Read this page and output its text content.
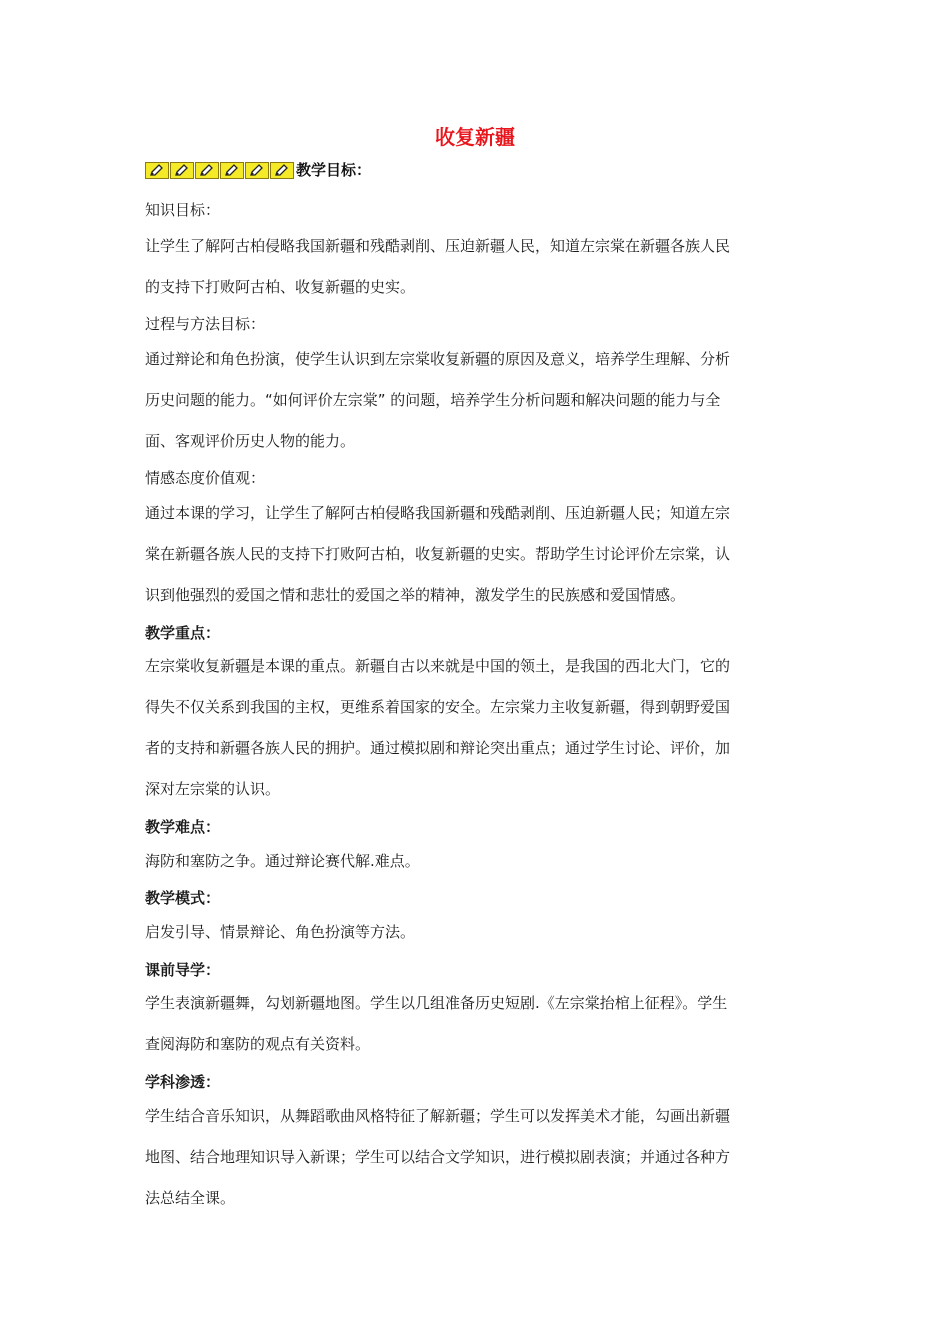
收复新疆
教学目标：
知识目标：
让学生了解阿古柏侵略我国新疆和残酷剥削、压迫新疆人民，知道左宗棠在新疆各族人民
的支持下打败阿古柏、收复新疆的史实。
过程与方法目标：
通过辩论和角色扮演，使学生认识到左宗棠收复新疆的原因及意义，培养学生理解、分析
历史问题的能力。“如何评价左宗棠” 的问题，培养学生分析问题和解决问题的能力与全
面、客观评价历史人物的能力。
情感态度价值观：
通过本课的学习，让学生了解阿古柏侵略我国新疆和残酷剥削、压迫新疆人民；知道左宗
棠在新疆各族人民的支持下打败阿古柏，收复新疆的史实。帮助学生讨论评价左宗棠，认
识到他强烈的爱国之情和悲壮的爱国之举的精神，激发学生的民族感和爱国情感。
教学重点：
左宗棠收复新疆是本课的重点。新疆自古以来就是中国的领土，是我国的西北大门，它的
得失不仅关系到我国的主权，更维系着国家的安全。左宗棠力主收复新疆，得到朝野爱国
者的支持和新疆各族人民的拥护。通过模拟剧和辩论突出重点；通过学生讨论、评价，加
深对左宗棠的认识。
教学难点：
海防和塞防之争。通过辩论赛代解.难点。
教学模式：
启发引导、情景辩论、角色扮演等方法。
课前导学：
学生表演新疆舞，勾划新疆地图。学生以几组准备历史短剧.《左宗棠抬棺上征程》。学生
查阅海防和塞防的观点有关资料。
学科渗透：
学生结合音乐知识，从舞蹈歌曲风格特征了解新疆；学生可以发挥美术才能，勾画出新疆
地图、结合地理知识导入新课；学生可以结合文学知识，进行模拟剧表演；并通过各种方
法总结全课。
